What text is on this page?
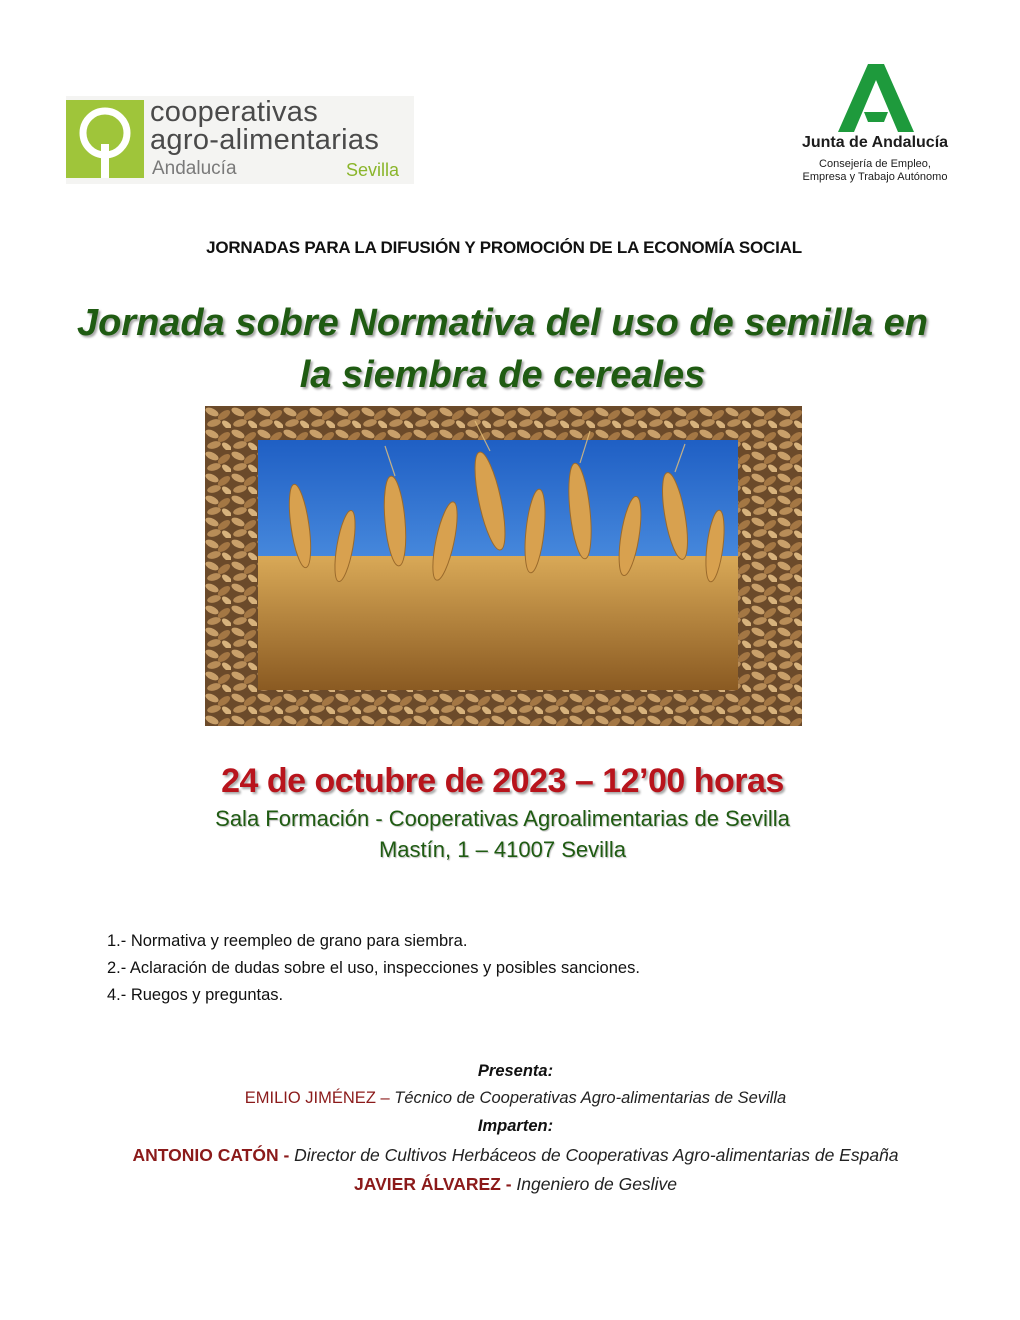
cooperativas
agro-alimentarias
Andalucía	Sevilla
Junta de Andalucía
Consejería de Empleo,
Empresa y Trabajo Autónomo
JORNADAS PARA LA DIFUSIÓN Y PROMOCIÓN DE LA ECONOMÍA SOCIAL
Jornada sobre Normativa del uso de semilla en
la siembra de cereales
24 de octubre de 2023 – 12’00 horas
Sala Formación - Cooperativas Agroalimentarias de Sevilla
Mastín, 1 – 41007 Sevilla
1.- Normativa y reempleo de grano para siembra.
2.- Aclaración de dudas sobre el uso, inspecciones y posibles sanciones.
4.- Ruegos y preguntas.
Presenta:
EMILIO JIMÉNEZ – Técnico de Cooperativas Agro-alimentarias de Sevilla
Imparten:
ANTONIO CATÓN - Director de Cultivos Herbáceos de Cooperativas Agro-alimentarias de España
JAVIER ÁLVAREZ - Ingeniero de Geslive
